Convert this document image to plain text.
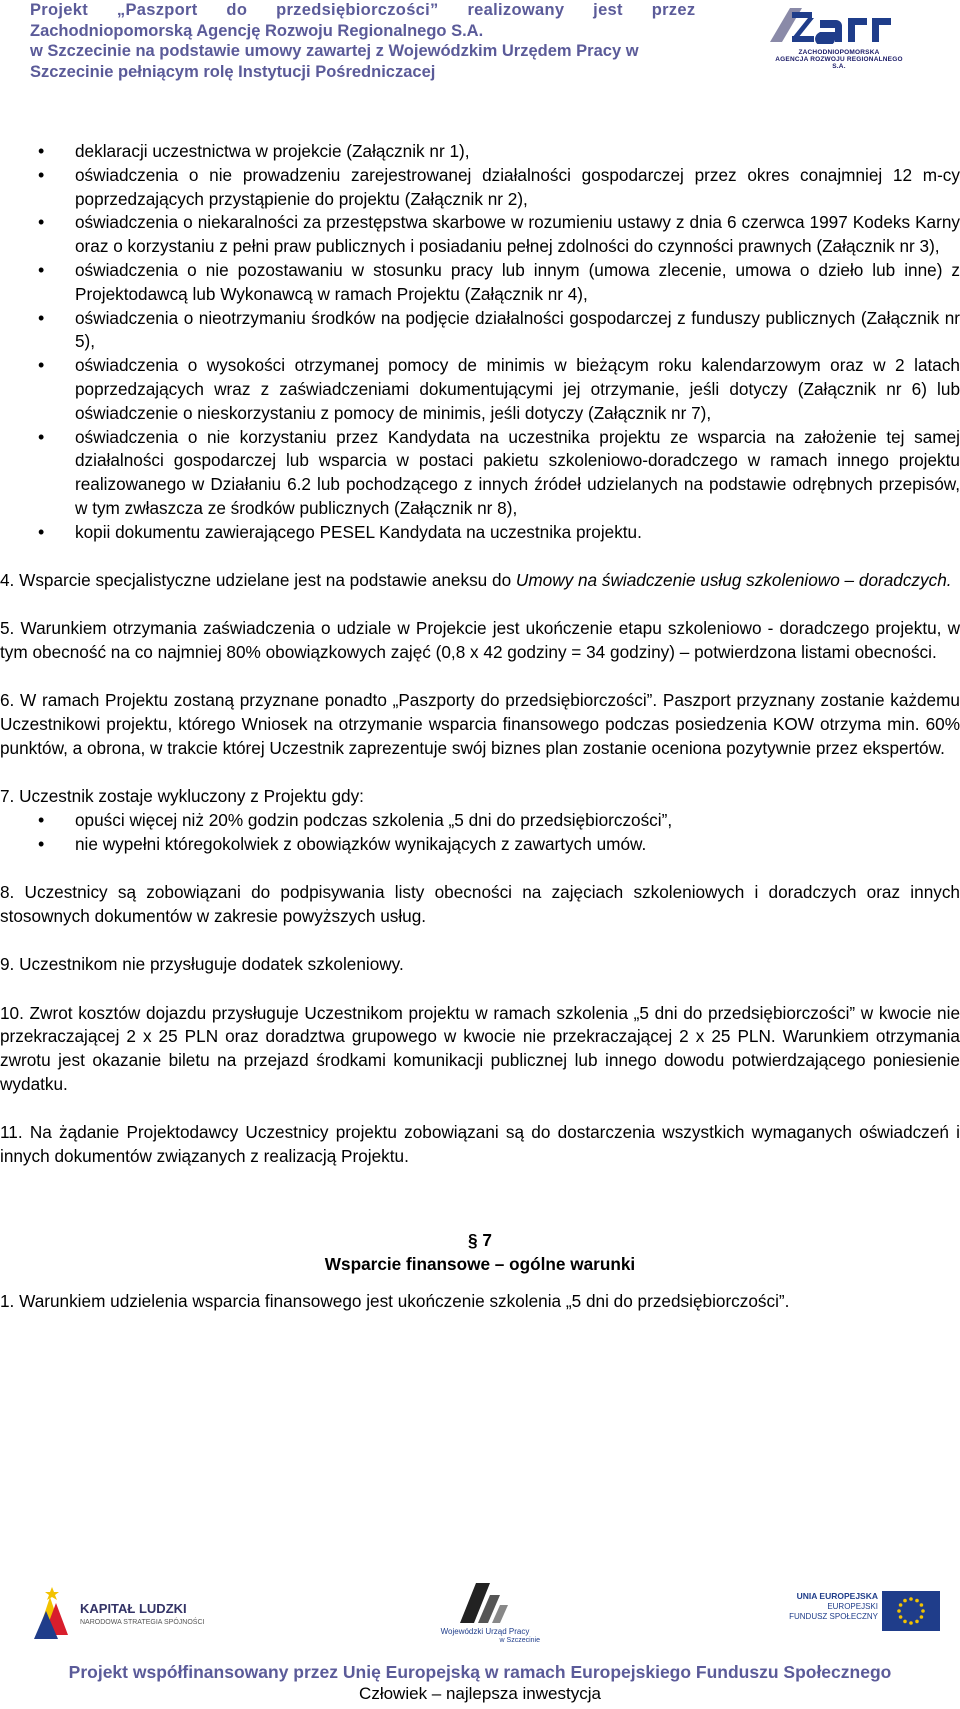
Projekt „Paszport do przedsiębiorczości” realizowany jest przez
Zachodniopomorską Agencję Rozwoju Regionalnego S.A.
w Szczecinie na podstawie umowy zawartej z Wojewódzkim Urzędem Pracy w
Szczecinie pełniącym rolę Instytucji Pośredniczacej
ZACHODNIOPOMORSKA
AGENCJA ROZWOJU REGIONALNEGO S.A.
• deklaracji uczestnictwa w projekcie (Załącznik nr 1),
• oświadczenia o nie prowadzeniu zarejestrowanej działalności gospodarczej przez okres conajmniej 12 m-cy poprzedzających przystąpienie do projektu (Załącznik nr 2),
• oświadczenia o niekaralności za przestępstwa skarbowe w rozumieniu ustawy z dnia 6 czerwca 1997 Kodeks Karny oraz o korzystaniu z pełni praw publicznych i posiadaniu pełnej zdolności do czynności prawnych (Załącznik nr 3),
• oświadczenia o nie pozostawaniu w stosunku pracy lub innym (umowa zlecenie, umowa o dzieło lub inne) z Projektodawcą lub Wykonawcą w ramach Projektu (Załącznik nr 4),
• oświadczenia o nieotrzymaniu środków na podjęcie działalności gospodarczej z funduszy publicznych (Załącznik nr 5),
• oświadczenia o wysokości otrzymanej pomocy de minimis w bieżącym roku kalendarzowym oraz w 2 latach poprzedzających wraz z zaświadczeniami dokumentującymi jej otrzymanie, jeśli dotyczy (Załącznik nr 6) lub oświadczenie o nieskorzystaniu z pomocy de minimis, jeśli dotyczy (Załącznik nr 7),
• oświadczenia o nie korzystaniu przez Kandydata na uczestnika projektu ze wsparcia na założenie tej samej działalności gospodarczej lub wsparcia w postaci pakietu szkoleniowo-doradczego w ramach innego projektu realizowanego w Działaniu 6.2 lub pochodzącego z innych źródeł udzielanych na podstawie odrębnych przepisów, w tym zwłaszcza ze środków publicznych (Załącznik nr 8),
• kopii dokumentu zawierającego PESEL Kandydata na uczestnika projektu.

4. Wsparcie specjalistyczne udzielane jest na podstawie aneksu do Umowy na świadczenie usług szkoleniowo – doradczych.

5. Warunkiem otrzymania zaświadczenia o udziale w Projekcie jest ukończenie etapu szkoleniowo - doradczego projektu, w tym obecność na co najmniej 80% obowiązkowych zajęć (0,8 x 42 godziny = 34 godziny) – potwierdzona listami obecności.

6. W ramach Projektu zostaną przyznane ponadto „Paszporty do przedsiębiorczości”. Paszport przyznany zostanie każdemu Uczestnikowi projektu, którego Wniosek na otrzymanie wsparcia finansowego podczas posiedzenia KOW otrzyma min. 60% punktów, a obrona, w trakcie której Uczestnik zaprezentuje swój biznes plan zostanie oceniona pozytywnie przez ekspertów.

7. Uczestnik zostaje wykluczony z Projektu gdy:

• opuści więcej niż 20% godzin podczas szkolenia „5 dni do przedsiębiorczości”,
• nie wypełni któregokolwiek z obowiązków wynikających z zawartych umów.

8. Uczestnicy są zobowiązani do podpisywania listy obecności na zajęciach szkoleniowych i doradczych oraz innych stosownych dokumentów w zakresie powyższych usług.

9. Uczestnikom nie przysługuje dodatek szkoleniowy.

10. Zwrot kosztów dojazdu przysługuje Uczestnikom projektu w ramach szkolenia „5 dni do przedsiębiorczości” w kwocie nie przekraczającej 2 x 25 PLN oraz doradztwa grupowego w kwocie nie przekraczającej 2 x 25 PLN. Warunkiem otrzymania zwrotu jest okazanie biletu na przejazd środkami komunikacji publicznej lub innego dowodu potwierdzającego poniesienie wydatku.

11. Na żądanie Projektodawcy Uczestnicy projektu zobowiązani są do dostarczenia wszystkich wymaganych oświadczeń i innych dokumentów związanych z realizacją Projektu.

§ 7

Wsparcie finansowe – ogólne warunki

1. Warunkiem udzielenia wsparcia finansowego jest ukończenie szkolenia „5 dni do przedsiębiorczości”.

KAPITAŁ LUDZKI
NARODOWA STRATEGIA SPÓJNOŚCI
Wojewódzki Urząd Pracy
w Szczecinie
UNIA EUROPEJSKA
EUROPEJSKI
FUNDUSZ SPOŁECZNY
Projekt współfinansowany przez Unię Europejską w ramach Europejskiego Funduszu Społecznego
Człowiek – najlepsza inwestycja
